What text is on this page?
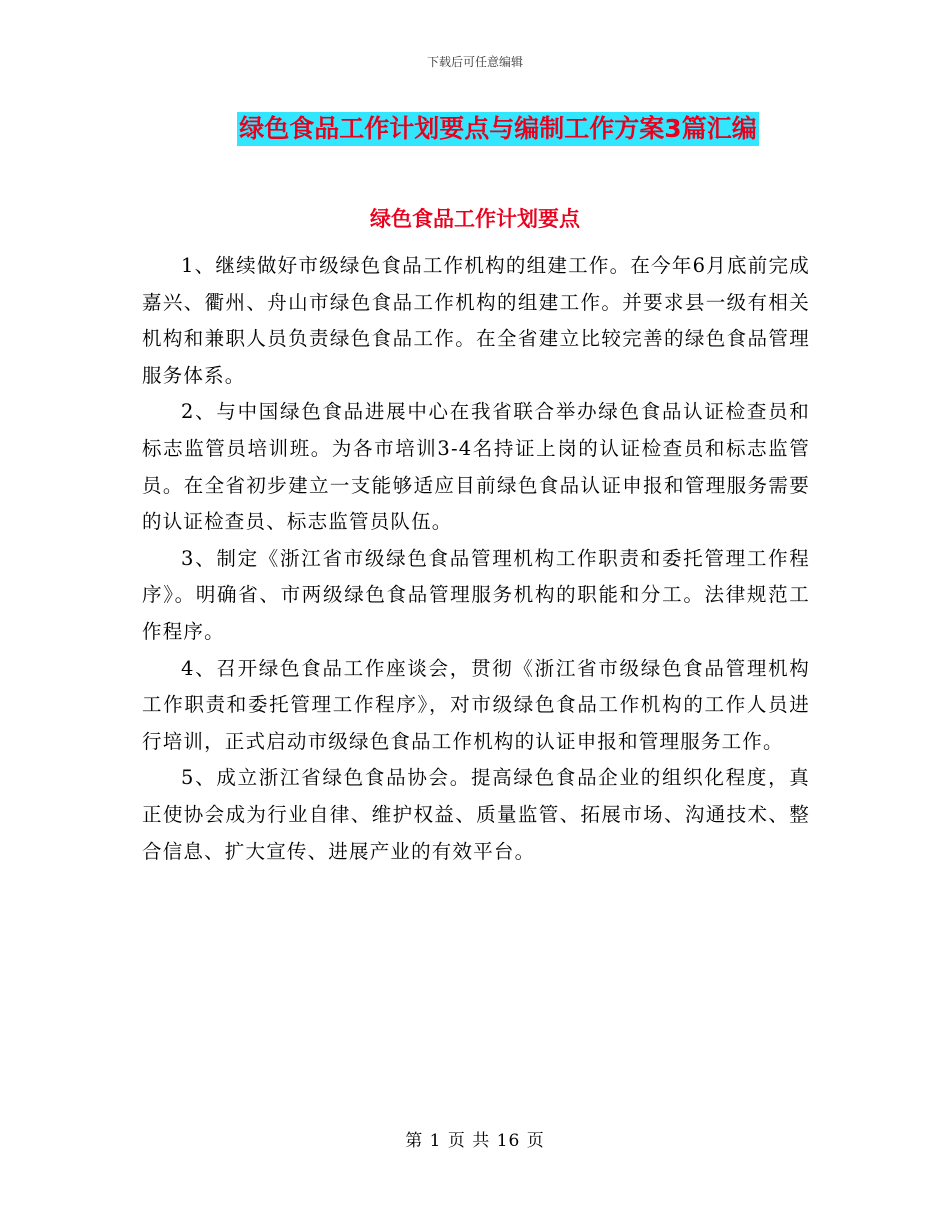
下载后可任意编辑
绿色食品工作计划要点与编制工作方案3篇汇编
绿色食品工作计划要点

1、继续做好市级绿色食品工作机构的组建工作。在今年6月底前完成嘉兴、衢州、舟山市绿色食品工作机构的组建工作。并要求县一级有相关机构和兼职人员负责绿色食品工作。在全省建立比较完善的绿色食品管理服务体系。

2、与中国绿色食品进展中心在我省联合举办绿色食品认证检查员和标志监管员培训班。为各市培训3-4名持证上岗的认证检查员和标志监管员。在全省初步建立一支能够适应目前绿色食品认证申报和管理服务需要的认证检查员、标志监管员队伍。

3、制定《浙江省市级绿色食品管理机构工作职责和委托管理工作程序》。明确省、市两级绿色食品管理服务机构的职能和分工。法律规范工作程序。

4、召开绿色食品工作座谈会，贯彻《浙江省市级绿色食品管理机构工作职责和委托管理工作程序》，对市级绿色食品工作机构的工作人员进行培训，正式启动市级绿色食品工作机构的认证申报和管理服务工作。

5、成立浙江省绿色食品协会。提高绿色食品企业的组织化程度，真正使协会成为行业自律、维护权益、质量监管、拓展市场、沟通技术、整合信息、扩大宣传、进展产业的有效平台。

第 1 页 共 16 页
